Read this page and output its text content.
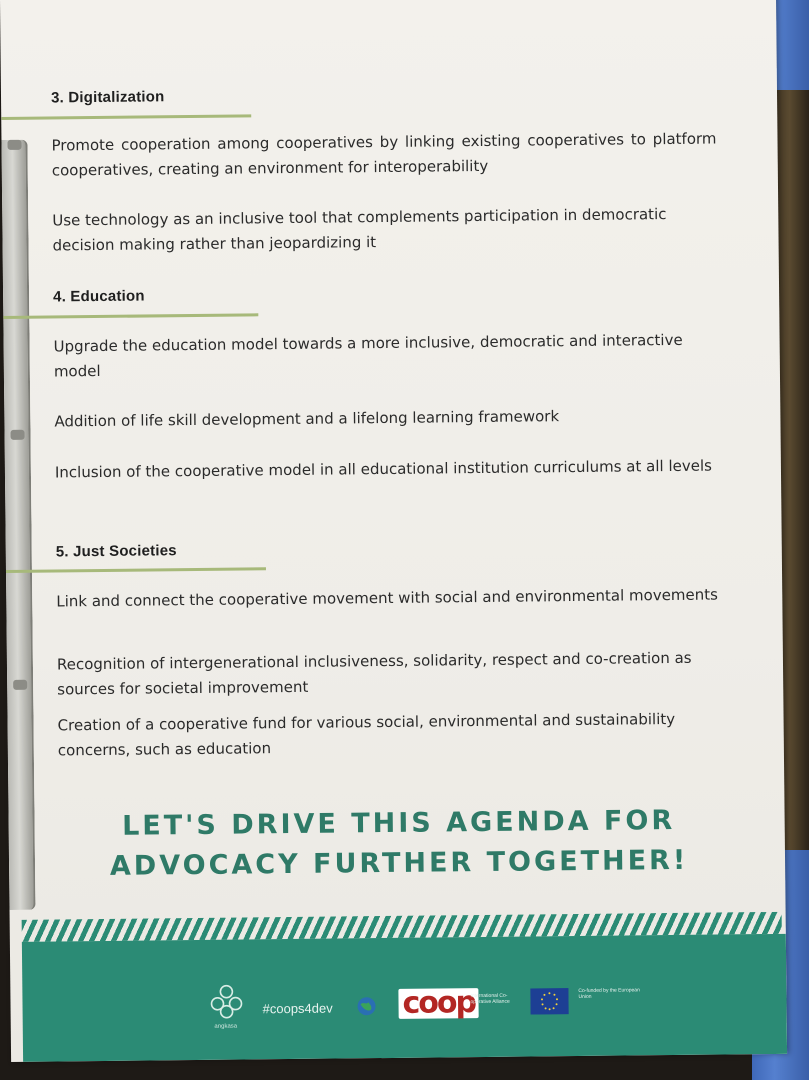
3. Digitalization
Promote cooperation among cooperatives by linking existing cooperatives to platform cooperatives, creating an environment for interoperability
Use technology as an inclusive tool that complements participation in democratic decision making rather than jeopardizing it
4. Education
Upgrade the education model towards a more inclusive, democratic and interactive model
Addition of life skill development and a lifelong learning framework
Inclusion of the cooperative model in all educational institution curriculums at all levels
5. Just Societies
Link and connect the cooperative movement with social and environmental movements
Recognition of intergenerational inclusiveness, solidarity, respect and co-creation as sources for societal improvement
Creation of a cooperative fund for various social, environmental and sustainability concerns, such as education
LET'S DRIVE THIS AGENDA FOR
ADVOCACY FURTHER TOGETHER!
angkasa
#coops4dev coop
International Co-operative Alliance
Co-funded by the European Union
